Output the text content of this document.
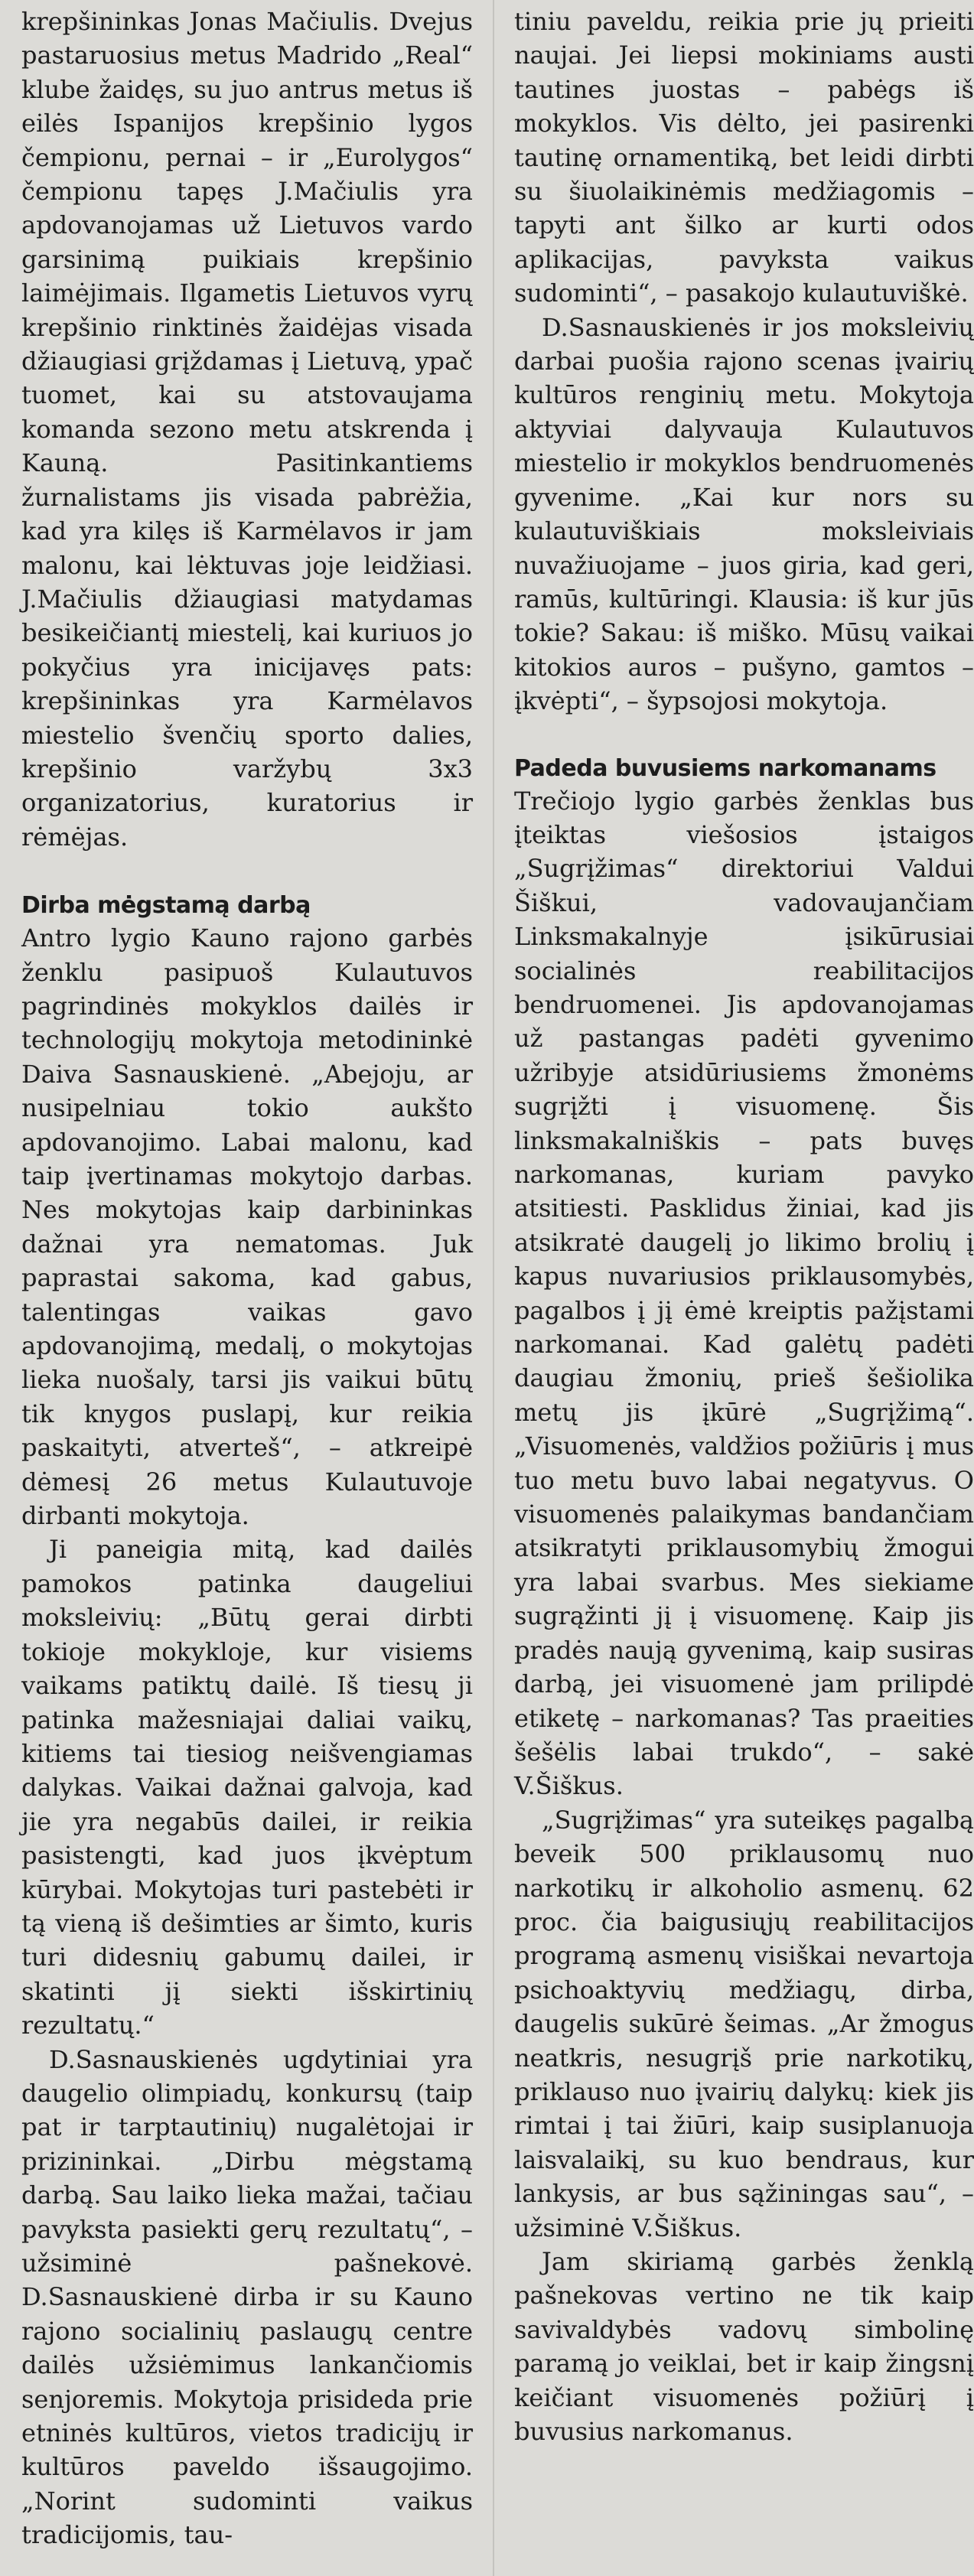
krepšininkas Jonas Mačiulis. Dvejus pastaruosius metus Madrido „Real“ klube žaidęs, su juo antrus metus iš eilės Ispanijos krepšinio lygos čempionu, pernai – ir „Eurolygos“ čempionu tapęs J.Mačiulis yra apdovanojamas už Lietuvos vardo garsinimą puikiais krepšinio laimėjimais. Ilgametis Lietuvos vyrų krepšinio rinktinės žaidėjas visada džiaugiasi grįždamas į Lietuvą, ypač tuomet, kai su atstovaujama komanda sezono metu atskrenda į Kauną. Pasitinkantiems žurnalistams jis visada pabrėžia, kad yra kilęs iš Karmėlavos ir jam malonu, kai lėktuvas joje leidžiasi. J.Mačiulis džiaugiasi matydamas besikeičiantį miestelį, kai kuriuos jo pokyčius yra inicijavęs pats: krepšininkas yra Karmėlavos miestelio švenčių sporto dalies, krepšinio varžybų 3x3 organizatorius, kuratorius ir rėmėjas.

Dirba mėgstamą darbą

Antro lygio Kauno rajono garbės ženklu pasipuoš Kulautuvos pagrindinės mokyklos dailės ir technologijų mokytoja metodininkė Daiva Sasnauskienė. „Abejoju, ar nusipelniau tokio aukšto apdovanojimo. Labai malonu, kad taip įvertinamas mokytojo darbas. Nes mokytojas kaip darbininkas dažnai yra nematomas. Juk paprastai sakoma, kad gabus, talentingas vaikas gavo apdovanojimą, medalį, o mokytojas lieka nuošaly, tarsi jis vaikui būtų tik knygos puslapį, kur reikia paskaityti, atverteš“, – atkreipė dėmesį 26 metus Kulautuvoje dirbanti mokytoja.

Ji paneigia mitą, kad dailės pamokos patinka daugeliui moksleivių: „Būtų gerai dirbti tokioje mokykloje, kur visiems vaikams patiktų dailė. Iš tiesų ji patinka mažesniajai daliai vaikų, kitiems tai tiesiog neišvengiamas dalykas. Vaikai dažnai galvoja, kad jie yra negabūs dailei, ir reikia pasistengti, kad juos įkvėptum kūrybai. Mokytojas turi pastebėti ir tą vieną iš dešimties ar šimto, kuris turi didesnių gabumų dailei, ir skatinti jį siekti išskirtinių rezultatų.“

D.Sasnauskienės ugdytiniai yra daugelio olimpiadų, konkursų (taip pat ir tarptautinių) nugalėtojai ir prizininkai. „Dirbu mėgstamą darbą. Sau laiko lieka mažai, tačiau pavyksta pasiekti gerų rezultatų“, – užsiminė pašnekovė. D.Sasnauskienė dirba ir su Kauno rajono socialinių paslaugų centre dailės užsiėmimus lankančiomis senjoremis. Mokytoja prisideda prie etninės kultūros, vietos tradicijų ir kultūros paveldo išsaugojimo. „Norint sudominti vaikus tradicijomis, tau-

tiniu paveldu, reikia prie jų prieiti naujai. Jei liepsi mokiniams austi tautines juostas – pabėgs iš mokyklos. Vis dėlto, jei pasirenki tautinę ornamentiką, bet leidi dirbti su šiuolaikinėmis medžiagomis – tapyti ant šilko ar kurti odos aplikacijas, pavyksta vaikus sudominti“, – pasakojo kulautuviškė.

D.Sasnauskienės ir jos moksleivių darbai puošia rajono scenas įvairių kultūros renginių metu. Mokytoja aktyviai dalyvauja Kulautuvos miestelio ir mokyklos bendruomenės gyvenime. „Kai kur nors su kulautuviškiais moksleiviais nuvažiuojame – juos giria, kad geri, ramūs, kultūringi. Klausia: iš kur jūs tokie? Sakau: iš miško. Mūsų vaikai kitokios auros – pušyno, gamtos – įkvėpti“, – šypsojosi mokytoja.

Padeda buvusiems narkomanams

Trečiojo lygio garbės ženklas bus įteiktas viešosios įstaigos „Sugrįžimas“ direktoriui Valdui Šiškui, vadovaujančiam Linksmakalnyje įsikūrusiai socialinės reabilitacijos bendruomenei. Jis apdovanojamas už pastangas padėti gyvenimo užribyje atsidūriusiems žmonėms sugrįžti į visuomenę. Šis linksmakalniškis – pats buvęs narkomanas, kuriam pavyko atsitiesti. Pasklidus žiniai, kad jis atsikratė daugelį jo likimo brolių į kapus nuvariusios priklausomybės, pagalbos į jį ėmė kreiptis pažįstami narkomanai. Kad galėtų padėti daugiau žmonių, prieš šešiolika metų jis įkūrė „Sugrįžimą“. „Visuomenės, valdžios požiūris į mus tuo metu buvo labai negatyvus. O visuomenės palaikymas bandančiam atsikratyti priklausomybių žmogui yra labai svarbus. Mes siekiame sugrąžinti jį į visuomenę. Kaip jis pradės naują gyvenimą, kaip susiras darbą, jei visuomenė jam prilipdė etiketę – narkomanas? Tas praeities šešėlis labai trukdo“, – sakė V.Šiškus.

„Sugrįžimas“ yra suteikęs pagalbą beveik 500 priklausomų nuo narkotikų ir alkoholio asmenų. 62 proc. čia baigusiųjų reabilitacijos programą asmenų visiškai nevartoja psichoaktyvių medžiagų, dirba, daugelis sukūrė šeimas. „Ar žmogus neatkris, nesugrįš prie narkotikų, priklauso nuo įvairių dalykų: kiek jis rimtai į tai žiūri, kaip susiplanuoja laisvalaikį, su kuo bendraus, kur lankysis, ar bus sąžiningas sau“, – užsiminė V.Šiškus.

Jam skiriamą garbės ženklą pašnekovas vertino ne tik kaip savivaldybės vadovų simbolinę paramą jo veiklai, bet ir kaip žingsnį keičiant visuomenės požiūrį į buvusius narkomanus.
